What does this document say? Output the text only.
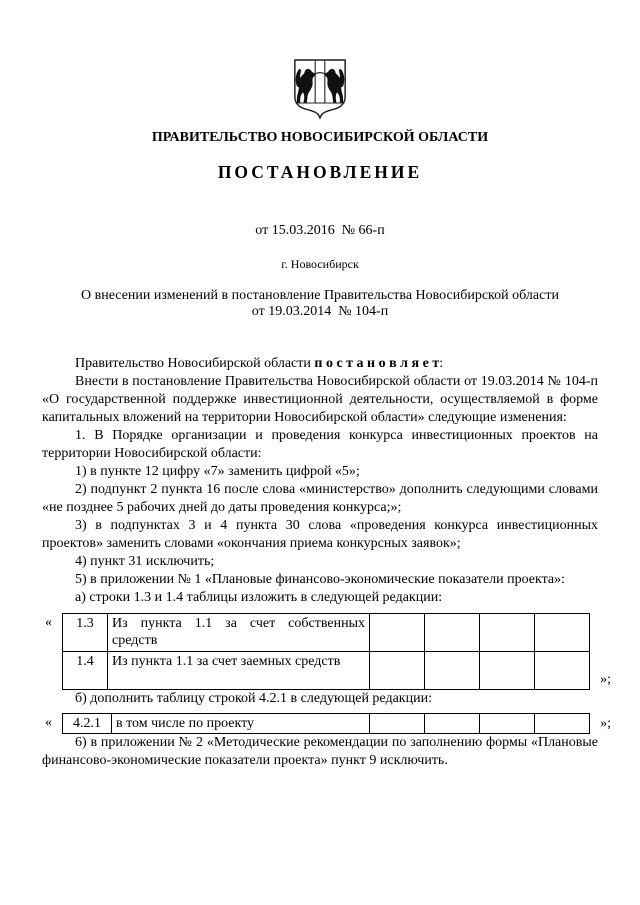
ПРАВИТЕЛЬСТВО НОВОСИБИРСКОЙ ОБЛАСТИ
ПОСТАНОВЛЕНИЕ
от 15.03.2016  № 66-п
г. Новосибирск
О внесении изменений в постановление Правительства Новосибирской области
от 19.03.2014  № 104-п

Правительство Новосибирской области п о с т а н о в л я е т:

Внести в постановление Правительства Новосибирской области от 19.03.2014 № 104-п «О государственной поддержке инвестиционной деятельности, осуществляемой в форме капитальных вложений на территории Новосибирской области» следующие изменения:

1. В Порядке организации и проведения конкурса инвестиционных проектов на территории Новосибирской области:

1) в пункте 12 цифру «7» заменить цифрой «5»;

2) подпункт 2 пункта 16 после слова «министерство» дополнить следующими словами «не позднее 5 рабочих дней до даты проведения конкурса;»;

3) в подпунктах 3 и 4 пункта 30 слова «проведения конкурса инвестиционных проектов» заменить словами «окончания приема конкурсных заявок»;

4) пункт 31 исключить;

5) в приложении № 1 «Плановые финансово-экономические показатели проекта»:

а) строки 1.3 и 1.4 таблицы изложить в следующей редакции:

« 1.3	Из пункта 1.1 за счет собственных средств				
1.4	Из пункта 1.1 за счет заемных средств				
»;

б) дополнить таблицу строкой 4.2.1 в следующей редакции:

« 4.2.1	в том числе по проекту					»;

6) в приложении № 2 «Методические рекомендации по заполнению формы «Плановые финансово-экономические показатели проекта» пункт 9 исключить.
